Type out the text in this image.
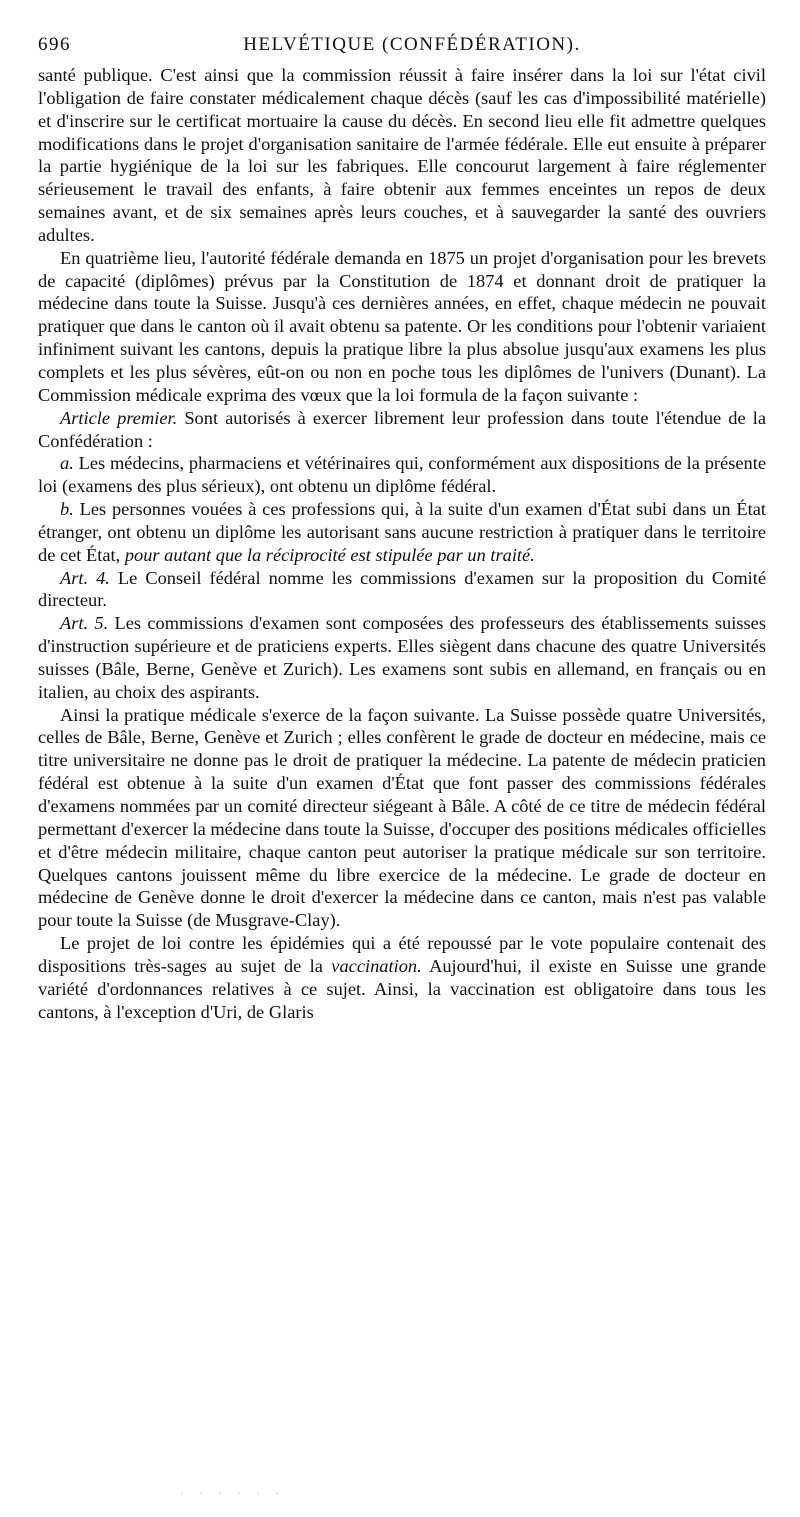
696	HELVÉTIQUE (CONFÉDÉRATION).

santé publique. C'est ainsi que la commission réussit à faire insérer dans la loi sur l'état civil l'obligation de faire constater médicalement chaque décès (sauf les cas d'impossibilité matérielle) et d'inscrire sur le certificat mortuaire la cause du décès. En second lieu elle fit admettre quelques modifications dans le projet d'organisation sanitaire de l'armée fédérale. Elle eut ensuite à préparer la partie hygiénique de la loi sur les fabriques. Elle concourut largement à faire réglementer sérieusement le travail des enfants, à faire obtenir aux femmes enceintes un repos de deux semaines avant, et de six semaines après leurs couches, et à sauvegarder la santé des ouvriers adultes.

En quatrième lieu, l'autorité fédérale demanda en 1875 un projet d'organisation pour les brevets de capacité (diplômes) prévus par la Constitution de 1874 et donnant droit de pratiquer la médecine dans toute la Suisse. Jusqu'à ces dernières années, en effet, chaque médecin ne pouvait pratiquer que dans le canton où il avait obtenu sa patente. Or les conditions pour l'obtenir variaient infiniment suivant les cantons, depuis la pratique libre la plus absolue jusqu'aux examens les plus complets et les plus sévères, eût-on ou non en poche tous les diplômes de l'univers (Dunant). La Commission médicale exprima des vœux que la loi formula de la façon suivante :

Article premier. Sont autorisés à exercer librement leur profession dans toute l'étendue de la Confédération :

a. Les médecins, pharmaciens et vétérinaires qui, conformément aux dispositions de la présente loi (examens des plus sérieux), ont obtenu un diplôme fédéral.

b. Les personnes vouées à ces professions qui, à la suite d'un examen d'État subi dans un État étranger, ont obtenu un diplôme les autorisant sans aucune restriction à pratiquer dans le territoire de cet État, pour autant que la réciprocité est stipulée par un traité.

Art. 4. Le Conseil fédéral nomme les commissions d'examen sur la proposition du Comité directeur.

Art. 5. Les commissions d'examen sont composées des professeurs des établissements suisses d'instruction supérieure et de praticiens experts. Elles siègent dans chacune des quatre Universités suisses (Bâle, Berne, Genève et Zurich). Les examens sont subis en allemand, en français ou en italien, au choix des aspirants.

Ainsi la pratique médicale s'exerce de la façon suivante. La Suisse possède quatre Universités, celles de Bâle, Berne, Genève et Zurich ; elles confèrent le grade de docteur en médecine, mais ce titre universitaire ne donne pas le droit de pratiquer la médecine. La patente de médecin praticien fédéral est obtenue à la suite d'un examen d'État que font passer des commissions fédérales d'examens nommées par un comité directeur siégeant à Bâle. A côté de ce titre de médecin fédéral permettant d'exercer la médecine dans toute la Suisse, d'occuper des positions médicales officielles et d'être médecin militaire, chaque canton peut autoriser la pratique médicale sur son territoire. Quelques cantons jouissent même du libre exercice de la médecine. Le grade de docteur en médecine de Genève donne le droit d'exercer la médecine dans ce canton, mais n'est pas valable pour toute la Suisse (de Musgrave-Clay).

Le projet de loi contre les épidémies qui a été repoussé par le vote populaire contenait des dispositions très-sages au sujet de la vaccination. Aujourd'hui, il existe en Suisse une grande variété d'ordonnances relatives à ce sujet. Ainsi, la vaccination est obligatoire dans tous les cantons, à l'exception d'Uri, de Glaris

· · · · · ·
